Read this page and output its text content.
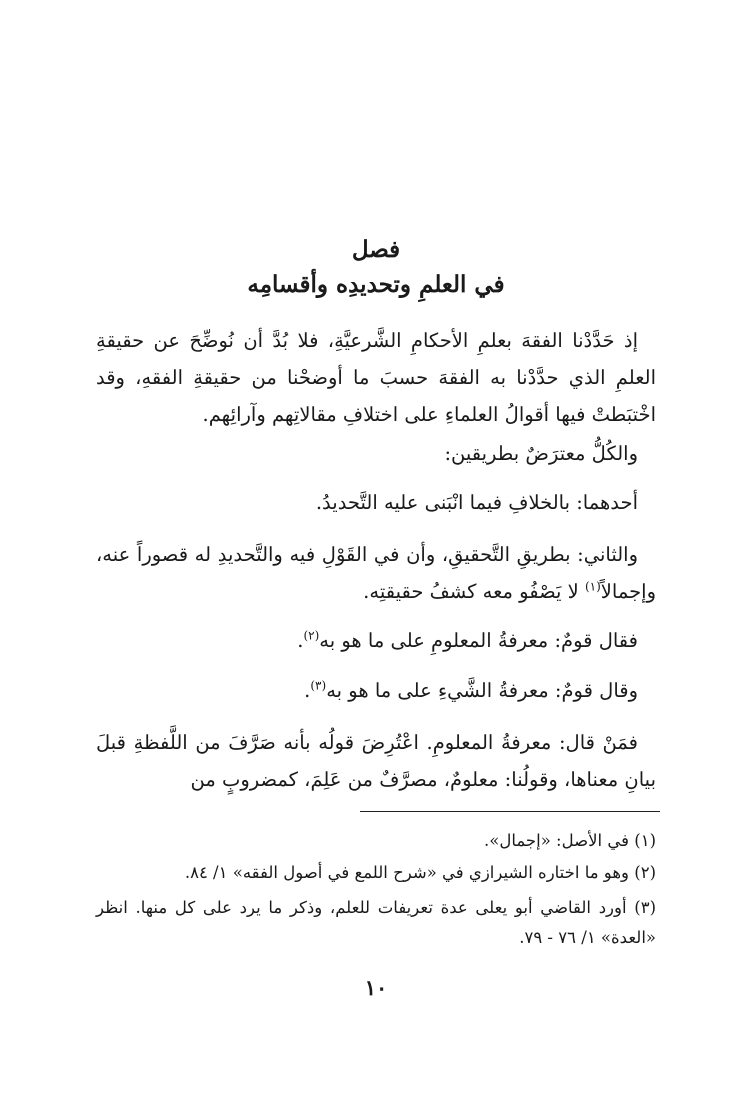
فصل
في العلمِ وتحديدِه وأقسامِه

إذ حَدَّدْنا الفقهَ بعلمِ الأحكامِ الشَّرعيَّةِ، فلا بُدَّ أن نُوضِّحَ عن حقيقةِ العلمِ الذي حدَّدْنا به الفقهَ حسبَ ما أوضحْنا من حقيقةِ الفقهِ، وقد اخْتبَطتْ فيها أقوالُ العلماءِ على اختلافِ مقالاتِهم وآرائِهم.

والكُلُّ معترَضٌ بطريقين:

أحدهما: بالخلافِ فيما انْبَنى عليه التَّحديدُ.

والثاني: بطريقِ التَّحقيقِ، وأن في القَوْلِ فيه والتَّحديدِ له قصوراً عنه، وإجمالاً$^{(١)}$ لا يَصْفُو معه كشفُ حقيقتِه.

فقال قومٌ: معرفةُ المعلومِ على ما هو به$^{(٢)}$.

وقال قومٌ: معرفةُ الشَّيءِ على ما هو به$^{(٣)}$.

فمَنْ قال: معرفةُ المعلومِ. اعْتُرِضَ قولُه بأنه صَرَّفَ من اللَّفظةِ قبلَ بيانِ معناها، وقولُنا: معلومٌ، مصرَّفٌ من عَلِمَ، كمضروبٍ من

(١) في الأصل: «إجمال».
(٢) وهو ما اختاره الشيرازي في «شرح اللمع في أصول الفقه» ١/ ٨٤.
(٣) أورد القاضي أبو يعلى عدة تعريفات للعلم، وذكر ما يرد على كل منها. انظر «العدة» ١/ ٧٦ - ٧٩.
١٠
